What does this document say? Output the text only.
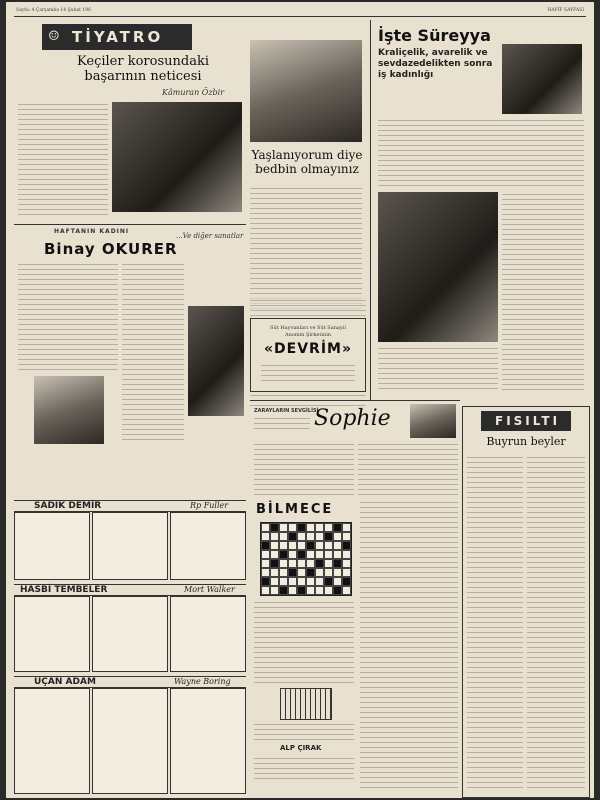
Sayfa: 4 Çarşamba 14 Şubat 196	HAFİF SAYFASI
TİYATRO
☺
Keçiler korosundaki başarının neticesi
Kâmuran Özbir
Yaşlanıyorum diye bedbin olmayınız
İşte Süreyya
Kraliçelik, avarelik ve sevdazedelikten sonra iş kadınlığı
HAFTANIN KADINI
Binay OKURER
...Ve diğer sanatlar
Süt Hayvanları ve Süt Sanayii
Anonim Şirketinin
«DEVRİM»
ZARAYLARIN SEVGİLİSİ
Sophie	FISILTI
Buyrun beyler
BİLMECE
ALP ÇIRAK
SADIK DEMİR	Rp Fuller
HASBİ TEMBELER	Mort Walker
UÇAN ADAM	Wayne Boring
